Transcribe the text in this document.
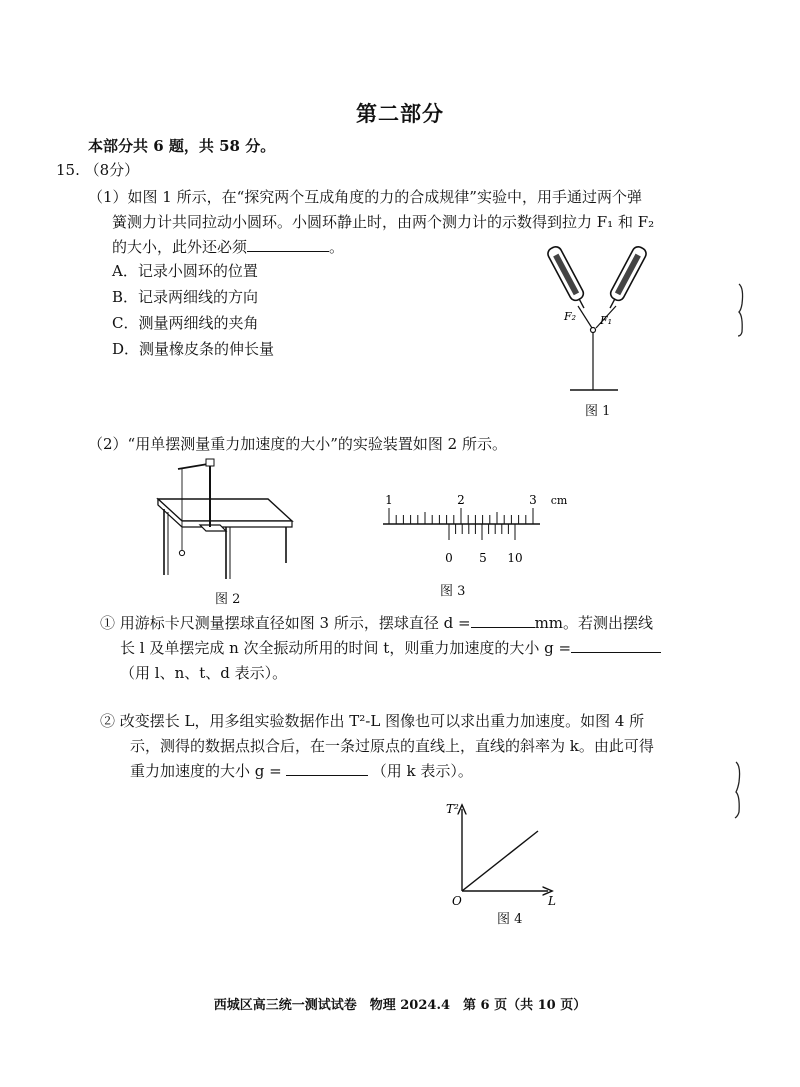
第二部分
本部分共 6 题，共 58 分。
15. （8分）
（1）如图 1 所示，在“探究两个互成角度的力的合成规律”实验中，用手通过两个弹
簧测力计共同拉动小圆环。小圆环静止时，由两个测力计的示数得到拉力 F₁ 和 F₂
的大小，此外还必须	。
A．记录小圆环的位置
B．记录两细线的方向
C．测量两细线的夹角
D．测量橡皮条的伸长量
F₂ F₁
图 1
（2）“用单摆测量重力加速度的大小”的实验装置如图 2 所示。
图 2
1	2	3 cm
0 5 10
图 3
① 用游标卡尺测量摆球直径如图 3 所示，摆球直径 d =	mm。若测出摆线
长 l 及单摆完成 n 次全振动所用的时间 t，则重力加速度的大小 g =
（用 l、n、t、d 表示）。
② 改变摆长 L，用多组实验数据作出 T²-L 图像也可以求出重力加速度。如图 4 所
示，测得的数据点拟合后，在一条过原点的直线上，直线的斜率为 k。由此可得
重力加速度的大小 g =	（用 k 表示）。
T²
L
O
图 4
西城区高三统一测试试卷　物理 2024.4　第 6 页（共 10 页）
